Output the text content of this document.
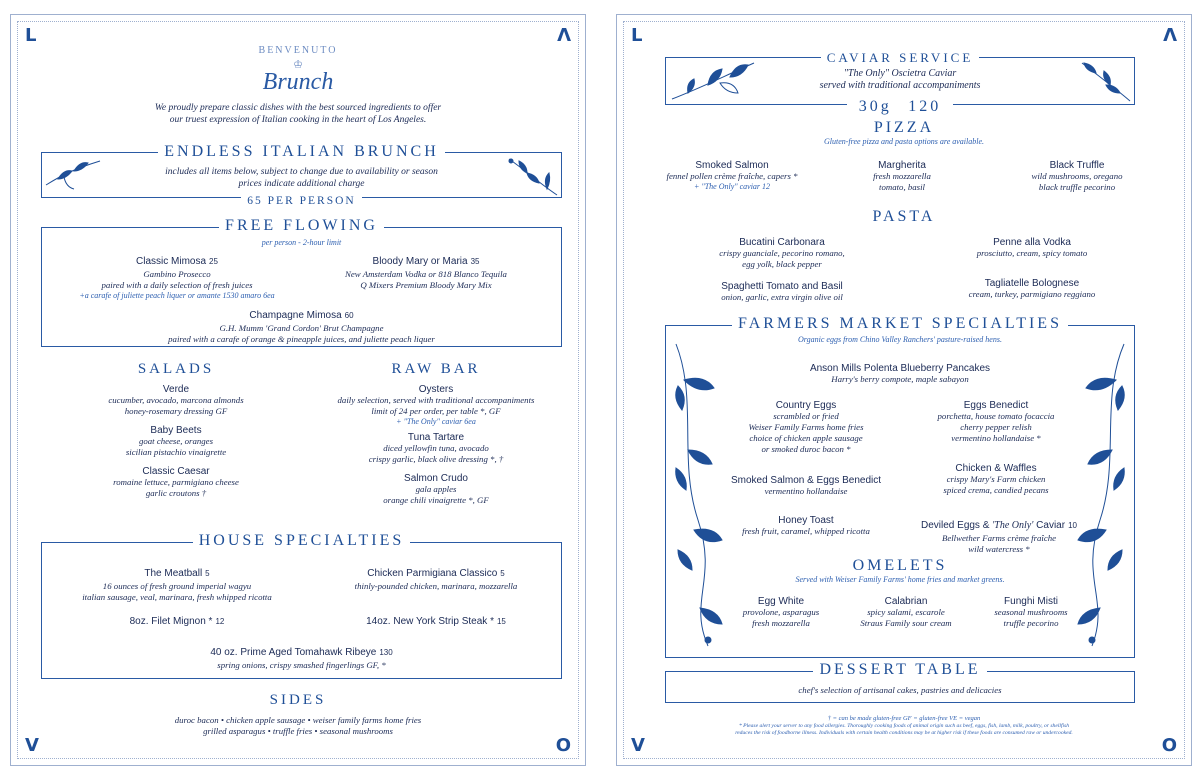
L	Λ
V	O
BENVENUTO
♔
Brunch
We proudly prepare classic dishes with the best sourced ingredients to offer
our truest expression of Italian cooking in the heart of Los Angeles.
ENDLESS ITALIAN BRUNCH
includes all items below, subject to change due to availability or season
prices indicate additional charge
65 PER PERSON
FREE FLOWING
per person - 2-hour limit
Classic Mimosa 25
Gambino Prosecco
paired with a daily selection of fresh juices
+a carafe of juliette peach liquer or amante 1530 amaro 6ea
Bloody Mary or Maria 35
New Amsterdam Vodka or 818 Blanco Tequila
Q Mixers Premium Bloody Mary Mix
Champagne Mimosa 60
G.H. Mumm 'Grand Cordon' Brut Champagne
paired with a carafe of orange & pineapple juices, and juliette peach liquer
SALADS
Verde
cucumber, avocado, marcona almonds
honey-rosemary dressing GF
Baby Beets
goat cheese, oranges
sicilian pistachio vinaigrette
Classic Caesar
romaine lettuce, parmigiano cheese
garlic croutons †
RAW BAR
Oysters
daily selection, served with traditional accompaniments
limit of 24 per order, per table *, GF
+ "The Only" caviar 6ea
Tuna Tartare
diced yellowfin tuna, avocado
crispy garlic, black olive dressing *, †
Salmon Crudo
gala apples
orange chili vinaigrette *, GF
HOUSE SPECIALTIES
The Meatball 5
16 ounces of fresh ground imperial wagyu
italian sausage, veal, marinara, fresh whipped ricotta
Chicken Parmigiana Classico 5
thinly-pounded chicken, marinara, mozzarella
8oz. Filet Mignon * 12	14oz. New York Strip Steak * 15
40 oz. Prime Aged Tomahawk Ribeye 130
spring onions, crispy smashed fingerlings GF, *
SIDES
duroc bacon • chicken apple sausage • weiser family farms home fries
grilled asparagus • truffle fries • seasonal mushrooms
L	Λ
V	O
CAVIAR SERVICE
"The Only" Oscietra Caviar
served with traditional accompaniments
30g 120
PIZZA
Gluten-free pizza and pasta options are available.
Smoked Salmon
fennel pollen crème fraîche, capers *
+ "The Only" caviar 12
Margherita
fresh mozzarella
tomato, basil
Black Truffle
wild mushrooms, oregano
black truffle pecorino
PASTA
Bucatini Carbonara
crispy guanciale, pecorino romano,
egg yolk, black pepper
Penne alla Vodka
prosciutto, cream, spicy tomato
Spaghetti Tomato and Basil
onion, garlic, extra virgin olive oil
Tagliatelle Bolognese
cream, turkey, parmigiano reggiano
FARMERS MARKET SPECIALTIES
Organic eggs from Chino Valley Ranchers' pasture-raised hens.
Anson Mills Polenta Blueberry Pancakes
Harry's berry compote, maple sabayon
Country Eggs
scrambled or fried
Weiser Family Farms home fries
choice of chicken apple sausage
or smoked duroc bacon *
Eggs Benedict
porchetta, house tomato focaccia
cherry pepper relish
vermentino hollandaise *
Smoked Salmon & Eggs Benedict
vermentino hollandaise
Chicken & Waffles
crispy Mary's Farm chicken
spiced crema, candied pecans
Honey Toast
fresh fruit, caramel, whipped ricotta	Deviled Eggs & 'The Only' Caviar 10
Bellwether Farms crème fraîche
wild watercress *
OMELETS
Served with Weiser Family Farms' home fries and market greens.
Egg White
provolone, asparagus
fresh mozzarella
Calabrian
spicy salami, escarole
Straus Family sour cream
Funghi Misti
seasonal mushrooms
truffle pecorino
DESSERT TABLE
chef's selection of artisanal cakes, pastries and delicacies
† = can be made gluten-free GF = gluten-free VE = vegan
* Please alert your server to any food allergies. Thoroughly cooking foods of animal origin such as beef, eggs, fish, lamb, milk, poultry, or shellfish
reduces the risk of foodborne illness. Individuals with certain health conditions may be at higher risk if these foods are consumed raw or undercooked.
